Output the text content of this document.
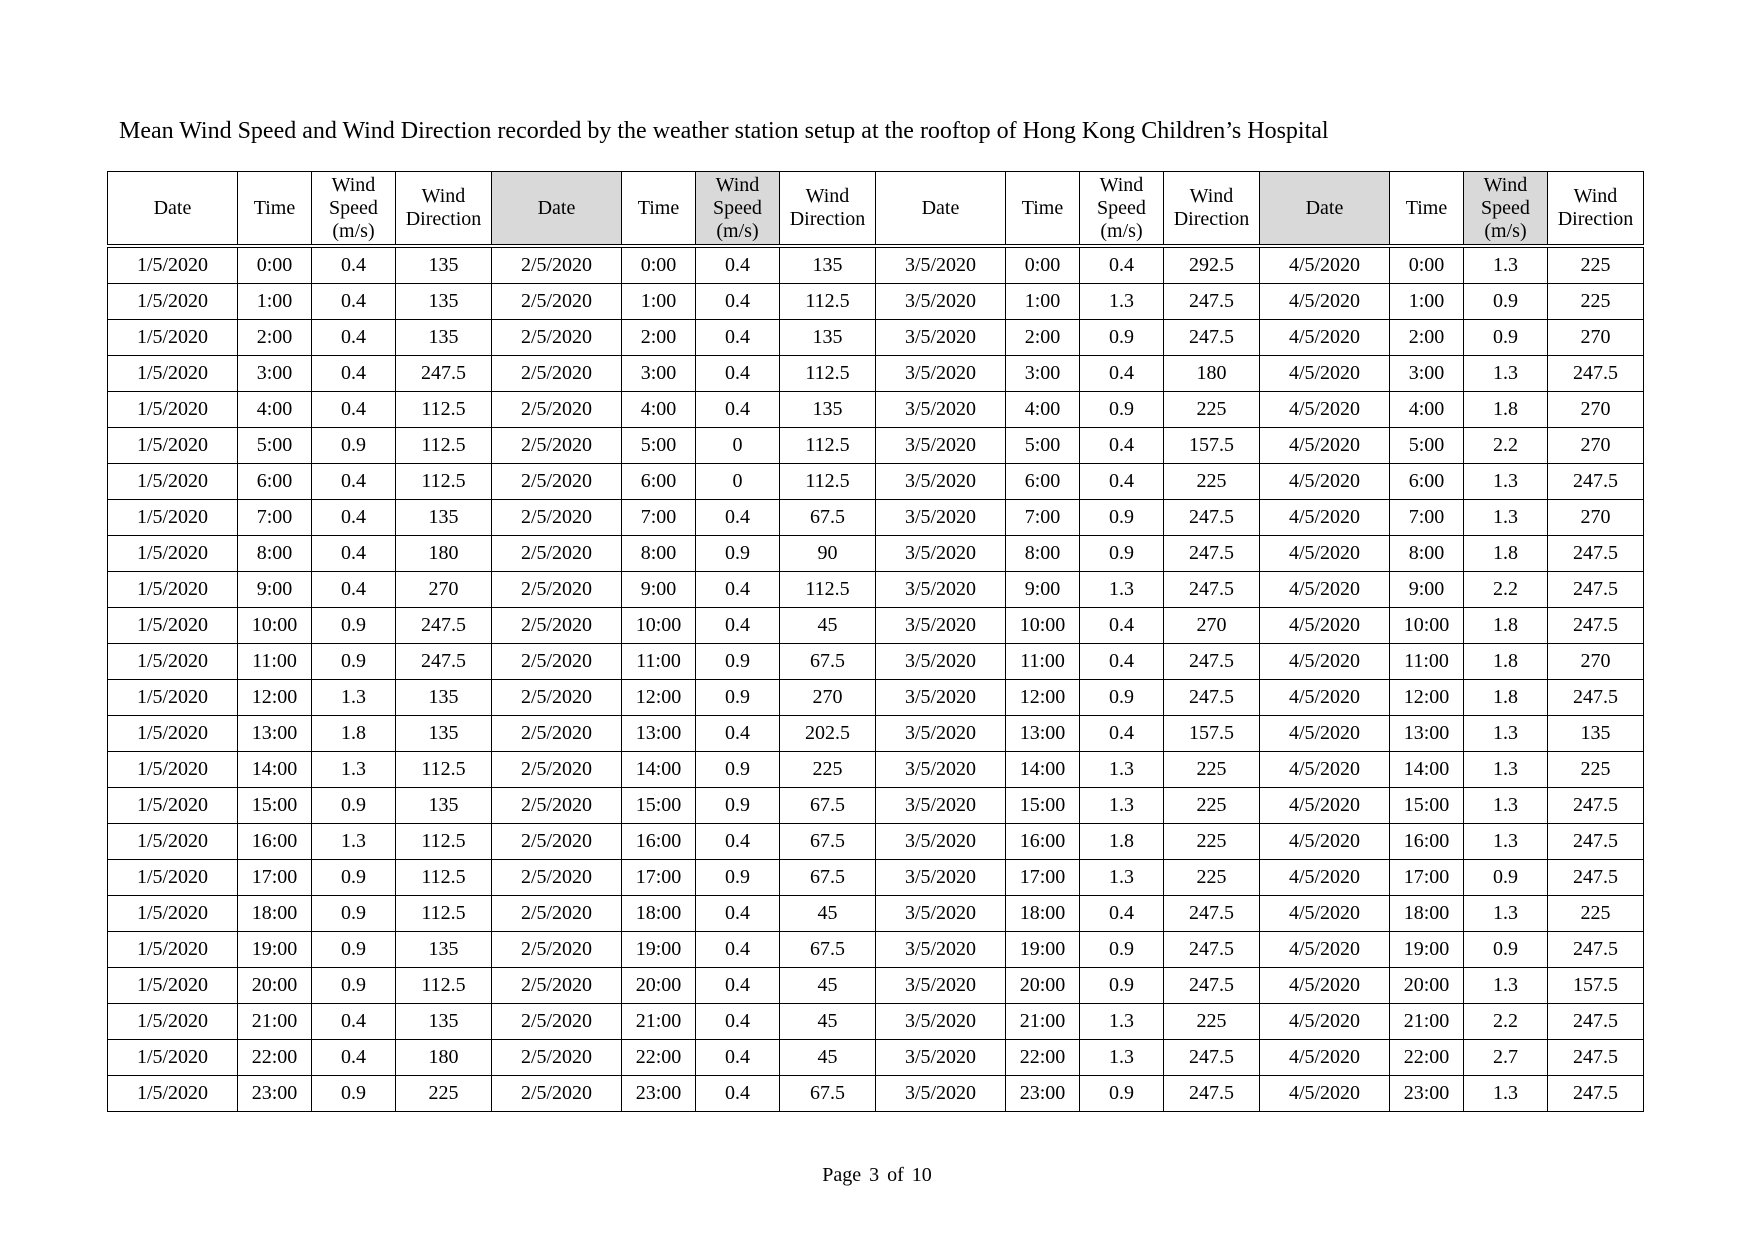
Mean Wind Speed and Wind Direction recorded by the weather station setup at the rooftop of Hong Kong Children’s Hospital
Date	Time	Wind
Speed
(m/s)	Wind
Direction	Date	Time	Wind
Speed
(m/s)	Wind
Direction	Date	Time	Wind
Speed
(m/s)	Wind
Direction	Date	Time	Wind
Speed
(m/s)	Wind
Direction
1/5/2020	0:00	0.4	135	2/5/2020	0:00	0.4	135	3/5/2020	0:00	0.4	292.5	4/5/2020	0:00	1.3	225
1/5/2020	1:00	0.4	135	2/5/2020	1:00	0.4	112.5	3/5/2020	1:00	1.3	247.5	4/5/2020	1:00	0.9	225
1/5/2020	2:00	0.4	135	2/5/2020	2:00	0.4	135	3/5/2020	2:00	0.9	247.5	4/5/2020	2:00	0.9	270
1/5/2020	3:00	0.4	247.5	2/5/2020	3:00	0.4	112.5	3/5/2020	3:00	0.4	180	4/5/2020	3:00	1.3	247.5
1/5/2020	4:00	0.4	112.5	2/5/2020	4:00	0.4	135	3/5/2020	4:00	0.9	225	4/5/2020	4:00	1.8	270
1/5/2020	5:00	0.9	112.5	2/5/2020	5:00	0	112.5	3/5/2020	5:00	0.4	157.5	4/5/2020	5:00	2.2	270
1/5/2020	6:00	0.4	112.5	2/5/2020	6:00	0	112.5	3/5/2020	6:00	0.4	225	4/5/2020	6:00	1.3	247.5
1/5/2020	7:00	0.4	135	2/5/2020	7:00	0.4	67.5	3/5/2020	7:00	0.9	247.5	4/5/2020	7:00	1.3	270
1/5/2020	8:00	0.4	180	2/5/2020	8:00	0.9	90	3/5/2020	8:00	0.9	247.5	4/5/2020	8:00	1.8	247.5
1/5/2020	9:00	0.4	270	2/5/2020	9:00	0.4	112.5	3/5/2020	9:00	1.3	247.5	4/5/2020	9:00	2.2	247.5
1/5/2020	10:00	0.9	247.5	2/5/2020	10:00	0.4	45	3/5/2020	10:00	0.4	270	4/5/2020	10:00	1.8	247.5
1/5/2020	11:00	0.9	247.5	2/5/2020	11:00	0.9	67.5	3/5/2020	11:00	0.4	247.5	4/5/2020	11:00	1.8	270
1/5/2020	12:00	1.3	135	2/5/2020	12:00	0.9	270	3/5/2020	12:00	0.9	247.5	4/5/2020	12:00	1.8	247.5
1/5/2020	13:00	1.8	135	2/5/2020	13:00	0.4	202.5	3/5/2020	13:00	0.4	157.5	4/5/2020	13:00	1.3	135
1/5/2020	14:00	1.3	112.5	2/5/2020	14:00	0.9	225	3/5/2020	14:00	1.3	225	4/5/2020	14:00	1.3	225
1/5/2020	15:00	0.9	135	2/5/2020	15:00	0.9	67.5	3/5/2020	15:00	1.3	225	4/5/2020	15:00	1.3	247.5
1/5/2020	16:00	1.3	112.5	2/5/2020	16:00	0.4	67.5	3/5/2020	16:00	1.8	225	4/5/2020	16:00	1.3	247.5
1/5/2020	17:00	0.9	112.5	2/5/2020	17:00	0.9	67.5	3/5/2020	17:00	1.3	225	4/5/2020	17:00	0.9	247.5
1/5/2020	18:00	0.9	112.5	2/5/2020	18:00	0.4	45	3/5/2020	18:00	0.4	247.5	4/5/2020	18:00	1.3	225
1/5/2020	19:00	0.9	135	2/5/2020	19:00	0.4	67.5	3/5/2020	19:00	0.9	247.5	4/5/2020	19:00	0.9	247.5
1/5/2020	20:00	0.9	112.5	2/5/2020	20:00	0.4	45	3/5/2020	20:00	0.9	247.5	4/5/2020	20:00	1.3	157.5
1/5/2020	21:00	0.4	135	2/5/2020	21:00	0.4	45	3/5/2020	21:00	1.3	225	4/5/2020	21:00	2.2	247.5
1/5/2020	22:00	0.4	180	2/5/2020	22:00	0.4	45	3/5/2020	22:00	1.3	247.5	4/5/2020	22:00	2.7	247.5
1/5/2020	23:00	0.9	225	2/5/2020	23:00	0.4	67.5	3/5/2020	23:00	0.9	247.5	4/5/2020	23:00	1.3	247.5
Page 3 of 10
